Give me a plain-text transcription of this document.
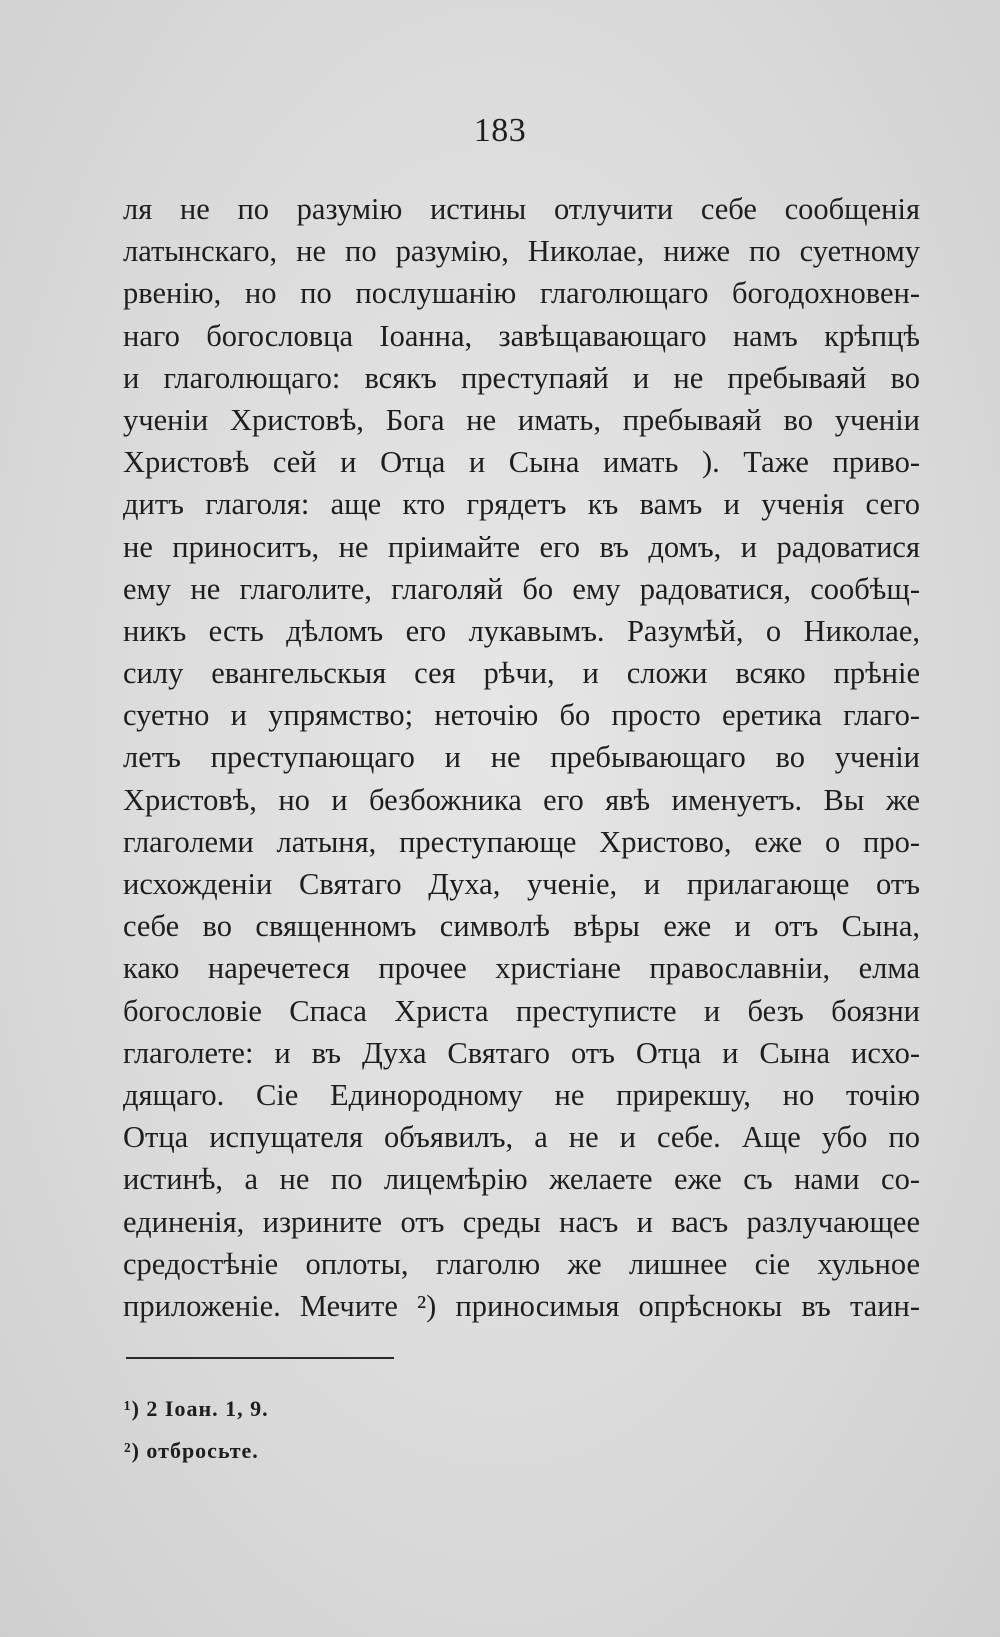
183
ля не по разумію истины отлучити себе сообщенія
латынскаго, не по разумію, Николае, ниже по суетному
рвенію, но по послушанію глаголющаго богодохновен-
наго богословца Іоанна, завѣщавающаго намъ крѣпцѣ
и глаголющаго: всякъ преступаяй и не пребываяй во
ученіи Христовѣ, Бога не имать, пребываяй во ученіи
Христовѣ сей и Отца и Сына имать ). Таже приво-
дитъ глаголя: аще кто грядетъ къ вамъ и ученія сего
не приноситъ, не пріимайте его въ домъ, и радоватися
ему не глаголите, глаголяй бо ему радоватися, сообѣщ-
никъ есть дѣломъ его лукавымъ. Разумѣй, о Николае,
силу евангельскыя сея рѣчи, и сложи всяко прѣніе
суетно и упрямство; неточію бо просто еретика глаго-
летъ преступающаго и не пребывающаго во ученіи
Христовѣ, но и безбожника его явѣ именуетъ. Вы же
глаголеми латыня, преступающе Христово, еже о про-
исхожденіи Святаго Духа, ученіе, и прилагающе отъ
себе во священномъ символѣ вѣры еже и отъ Сына,
како наречетеся прочее христіане православніи, елма
богословіе Спаса Христа преступисте и безъ боязни
глаголете: и въ Духа Святаго отъ Отца и Сына исхо-
дящаго. Сіе Единородному не прирекшу, но точію
Отца испущателя объявилъ, а не и себе. Аще убо по
истинѣ, а не по лицемѣрію желаете еже съ нами со-
единенія, изрините отъ среды насъ и васъ разлучающее
средостѣніе оплоты, глаголю же лишнее сіе хульное
приложеніе. Мечите ²) приносимыя опрѣснокы въ таин-
¹) 2 Іоан. 1, 9.
²) отбросьте.
